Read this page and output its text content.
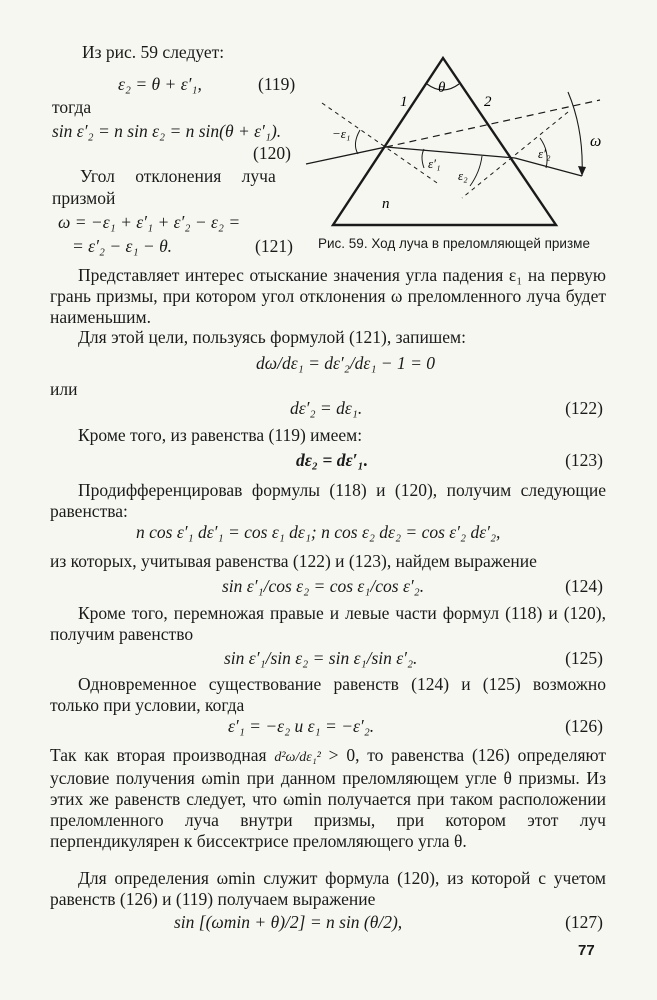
Из рис. 59 следует:
ε₂ = θ + ε′₁,	(119)
тогда
sin ε′₂ = n sin ε₂ = n sin(θ + ε′₁).
(120)
Угол отклонения луча
призмой
ω = −ε₁ + ε′₁ + ε′₂ − ε₂ =
= ε′₂ − ε₁ − θ.	(121)
1	2
θ
ω
n
−ε₁
ε′₁
ε₂
ε′₂
Рис. 59. Ход луча в преломляющей призме
Представляет интерес отыскание значения угла падения ε₁ на первую грань призмы, при котором угол отклонения ω преломленного луча будет наименьшим.
Для этой цели, пользуясь формулой (121), запишем:
dω/dε₁ = dε′₂/dε₁ − 1 = 0
или
dε′₂ = dε₁.	(122)
Кроме того, из равенства (119) имеем:
dε₂ = dε′₁.	(123)
Продифференцировав формулы (118) и (120), получим следующие равенства:
n cos ε′₁ dε′₁ = cos ε₁ dε₁; n cos ε₂ dε₂ = cos ε′₂ dε′₂,
из которых, учитывая равенства (122) и (123), найдем выражение
sin ε′₁/cos ε₂ = cos ε₁/cos ε′₂.	(124)
Кроме того, перемножая правые и левые части формул (118) и (120), получим равенство
sin ε′₁/sin ε₂ = sin ε₁/sin ε′₂.	(125)
Одновременное существование равенств (124) и (125) возможно только при условии, когда
ε′₁ = −ε₂ и ε₁ = −ε′₂.	(126)
Так как вторая производная d²ω/dε₁² > 0, то равенства (126) определяют условие получения ωmin при данном преломляющем угле θ призмы. Из этих же равенств следует, что ωmin получается при таком расположении преломленного луча внутри призмы, при котором этот луч перпендикулярен к биссектрисе преломляющего угла θ.
Для определения ωmin служит формула (120), из которой с учетом равенств (126) и (119) получаем выражение
sin [(ωmin + θ)/2] = n sin (θ/2),	(127)
77
